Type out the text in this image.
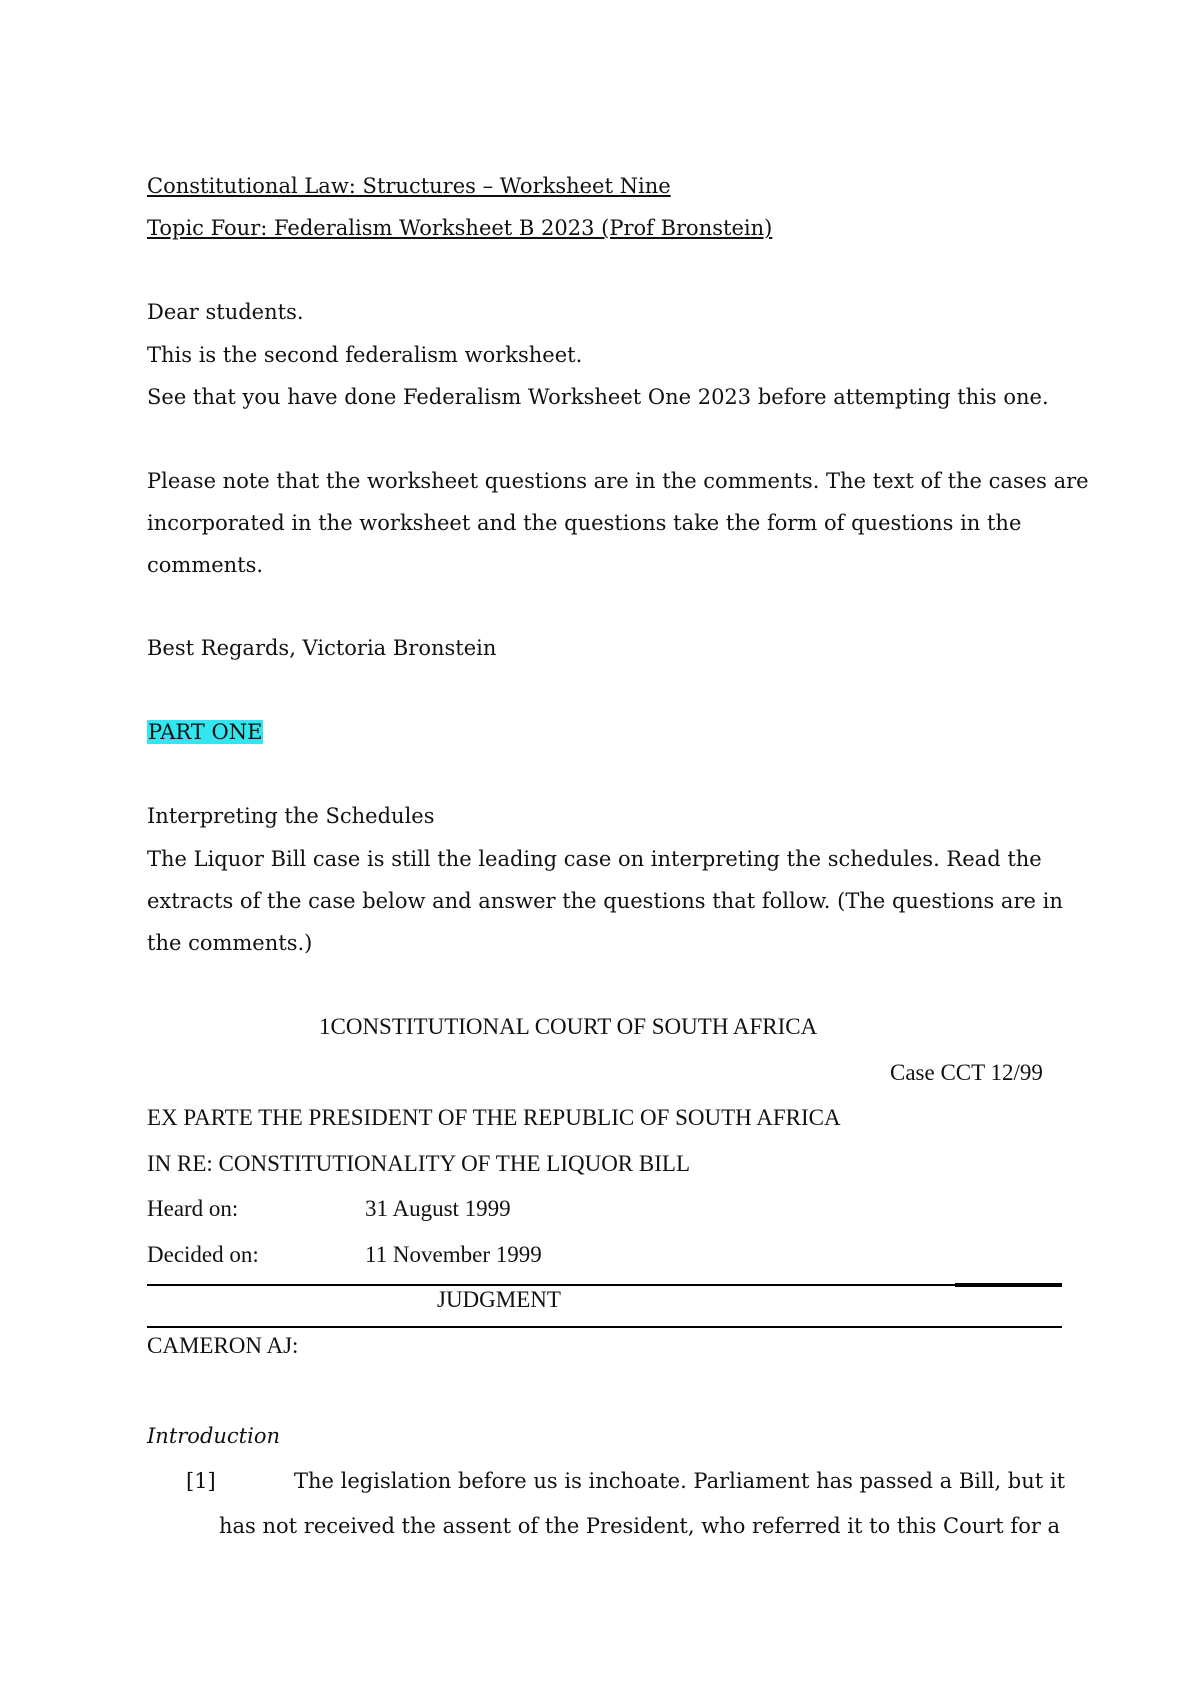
Constitutional Law: Structures – Worksheet Nine
Topic Four: Federalism Worksheet B 2023 (Prof Bronstein)
Dear students.
This is the second federalism worksheet.
See that you have done Federalism Worksheet One 2023 before attempting this one.
Please note that the worksheet questions are in the comments. The text of the cases are
incorporated in the worksheet and the questions take the form of questions in the
comments.
Best Regards, Victoria Bronstein
PART ONE
Interpreting the Schedules
The Liquor Bill case is still the leading case on interpreting the schedules. Read the
extracts of the case below and answer the questions that follow. (The questions are in
the comments.)
1CONSTITUTIONAL COURT OF SOUTH AFRICA
Case CCT 12/99
EX PARTE THE PRESIDENT OF THE REPUBLIC OF SOUTH AFRICA
IN RE: CONSTITUTIONALITY OF THE LIQUOR BILL
Heard on:	31 August 1999
Decided on:	11 November 1999
JUDGMENT
CAMERON AJ:
Introduction
[1]	The legislation before us is inchoate. Parliament has passed a Bill, but it
has not received the assent of the President, who referred it to this Court for a
